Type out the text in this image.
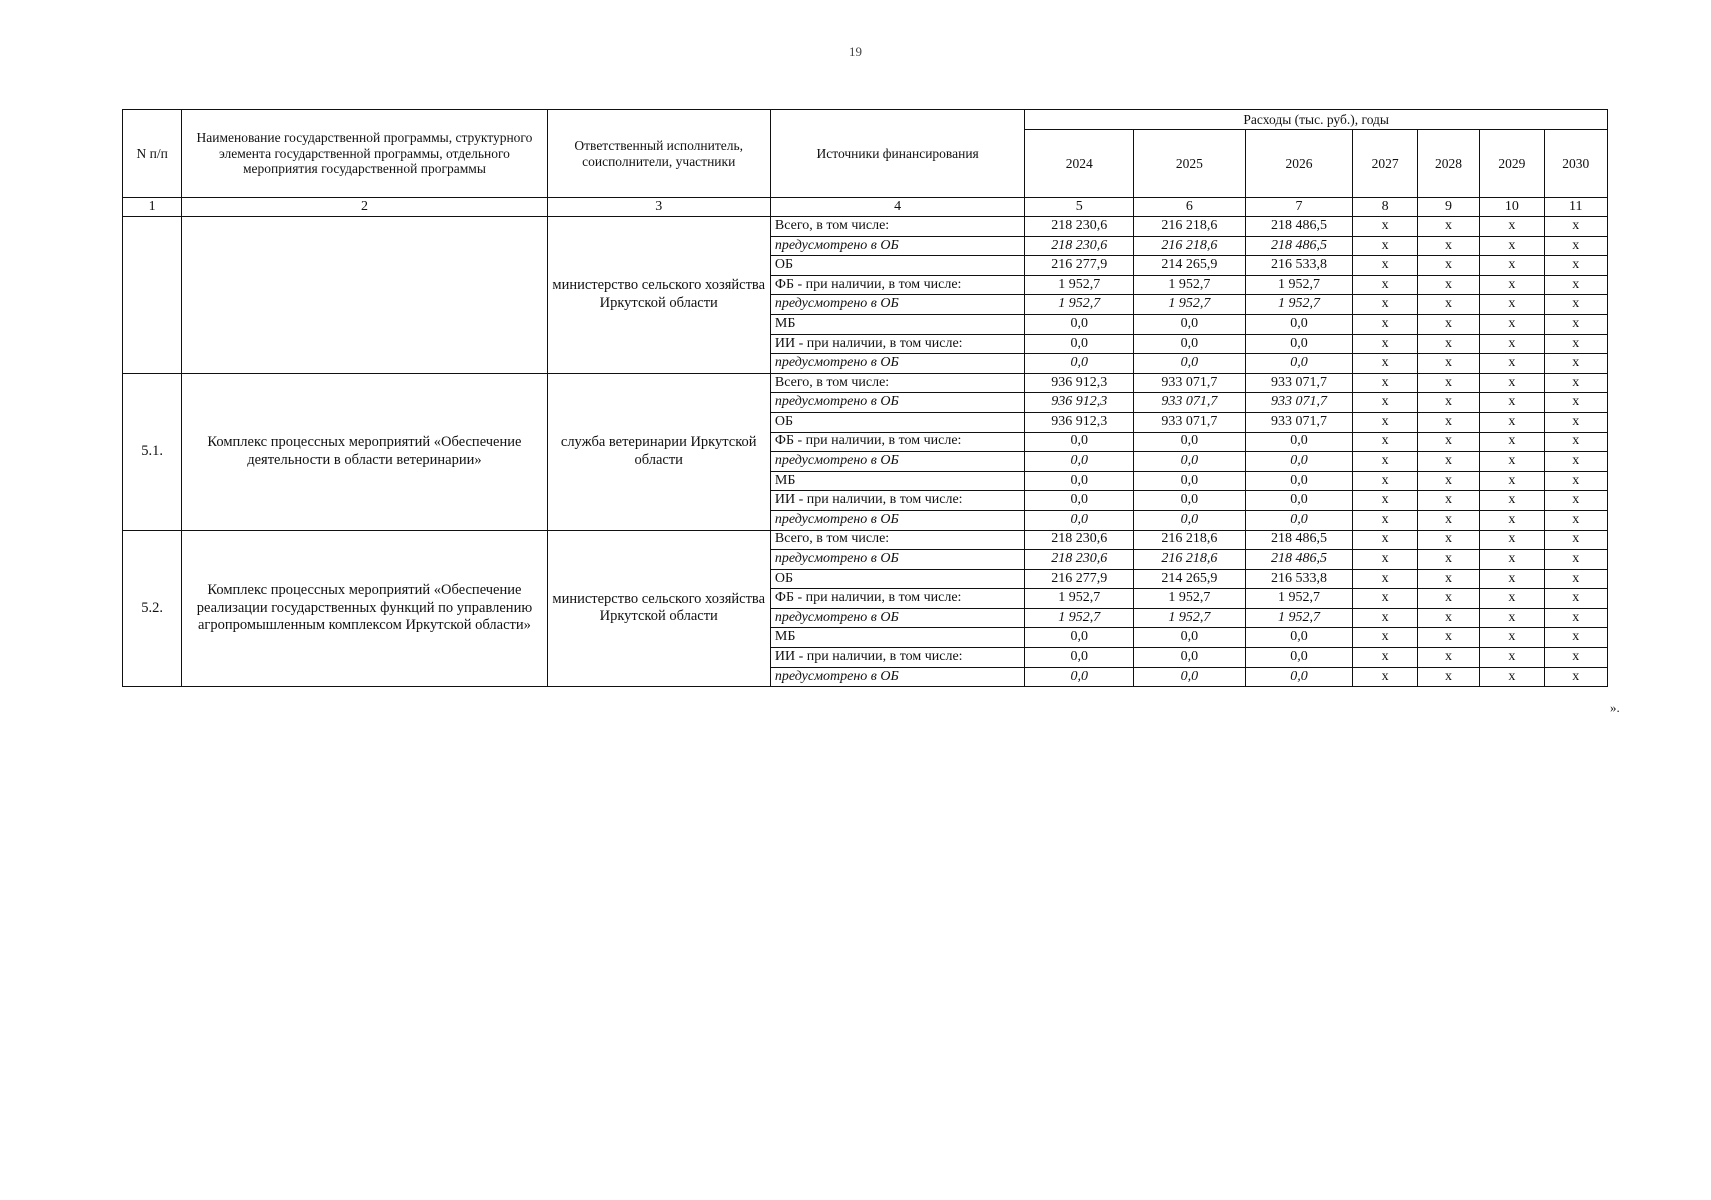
19
N п/п	Наименование государственной программы, структурного элемента государственной программы, отдельного мероприятия государственной программы	Ответственный исполнитель, соисполнители, участники	Источники финансирования	Расходы (тыс. руб.), годы						
				2024	2025	2026	2027	2028	2029	2030
1	2	3	4	5	6	7	8	9	10	11
		министерство сельского хозяйства Иркутской области	Всего, в том числе:	218 230,6	216 218,6	218 486,5	x	x	x	x
			предусмотрено в ОБ	218 230,6	216 218,6	218 486,5	x	x	x	x
			ОБ	216 277,9	214 265,9	216 533,8	x	x	x	x
			ФБ - при наличии, в том числе:	1 952,7	1 952,7	1 952,7	x	x	x	x
			предусмотрено в ОБ	1 952,7	1 952,7	1 952,7	x	x	x	x
			МБ	0,0	0,0	0,0	x	x	x	x
			ИИ - при наличии, в том числе:	0,0	0,0	0,0	x	x	x	x
			предусмотрено в ОБ	0,0	0,0	0,0	x	x	x	x
5.1.	Комплекс процессных мероприятий «Обеспечение деятельности в области ветеринарии»	служба ветеринарии Иркутской области	Всего, в том числе:	936 912,3	933 071,7	933 071,7	x	x	x	x
			предусмотрено в ОБ	936 912,3	933 071,7	933 071,7	x	x	x	x
			ОБ	936 912,3	933 071,7	933 071,7	x	x	x	x
			ФБ - при наличии, в том числе:	0,0	0,0	0,0	x	x	x	x
			предусмотрено в ОБ	0,0	0,0	0,0	x	x	x	x
			МБ	0,0	0,0	0,0	x	x	x	x
			ИИ - при наличии, в том числе:	0,0	0,0	0,0	x	x	x	x
			предусмотрено в ОБ	0,0	0,0	0,0	x	x	x	x
5.2.	Комплекс процессных мероприятий «Обеспечение реализации государственных функций по управлению агропромышленным комплексом Иркутской области»	министерство сельского хозяйства Иркутской области	Всего, в том числе:	218 230,6	216 218,6	218 486,5	x	x	x	x
			предусмотрено в ОБ	218 230,6	216 218,6	218 486,5	x	x	x	x
			ОБ	216 277,9	214 265,9	216 533,8	x	x	x	x
			ФБ - при наличии, в том числе:	1 952,7	1 952,7	1 952,7	x	x	x	x
			предусмотрено в ОБ	1 952,7	1 952,7	1 952,7	x	x	x	x
			МБ	0,0	0,0	0,0	x	x	x	x
			ИИ - при наличии, в том числе:	0,0	0,0	0,0	x	x	x	x
			предусмотрено в ОБ	0,0	0,0	0,0	x	x	x	x
».
